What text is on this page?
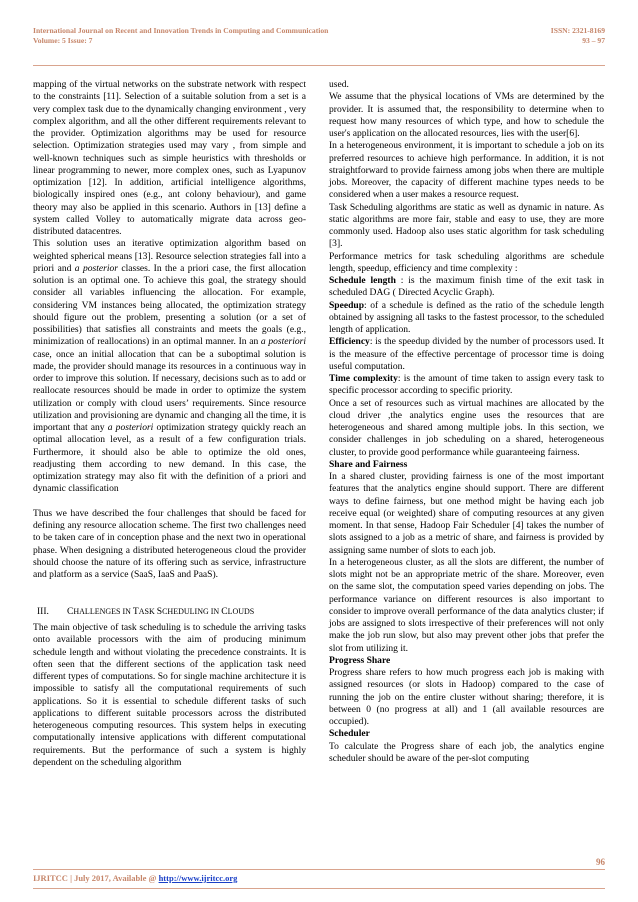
International Journal on Recent and Innovation Trends in Computing and Communication
Volume: 5 Issue: 7
ISSN: 2321-8169
93 – 97

mapping of the virtual networks on the substrate network with respect to the constraints [11]. Selection of a suitable solution from a set is a very complex task due to the dynamically changing environment , very complex algorithm, and all the other different requirements relevant to the provider. Optimization algorithms may be used for resource selection. Optimization strategies used may vary , from simple and well-known techniques such as simple heuristics with thresholds or linear programming to newer, more complex ones, such as Lyapunov optimization [12]. In addition, artificial intelligence algorithms, biologically inspired ones (e.g., ant colony behaviour), and game theory may also be applied in this scenario. Authors in [13] define a system called Volley to automatically migrate data across geo-distributed datacentres.

This solution uses an iterative optimization algorithm based on weighted spherical means [13]. Resource selection strategies fall into a priori and a posterior classes. In the a priori case, the first allocation solution is an optimal one. To achieve this goal, the strategy should consider all variables influencing the allocation. For example, considering VM instances being allocated, the optimization strategy should figure out the problem, presenting a solution (or a set of possibilities) that satisfies all constraints and meets the goals (e.g., minimization of reallocations) in an optimal manner. In an a posteriori case, once an initial allocation that can be a suboptimal solution is made, the provider should manage its resources in a continuous way in order to improve this solution. If necessary, decisions such as to add or reallocate resources should be made in order to optimize the system utilization or comply with cloud users’ requirements. Since resource utilization and provisioning are dynamic and changing all the time, it is important that any a posteriori optimization strategy quickly reach an optimal allocation level, as a result of a few configuration trials. Furthermore, it should also be able to optimize the old ones, readjusting them according to new demand. In this case, the optimization strategy may also fit with the definition of a priori and dynamic classification

Thus we have described the four challenges that should be faced for defining any resource allocation scheme. The first two challenges need to be taken care of in conception phase and the next two in operational phase. When designing a distributed heterogeneous cloud the provider should choose the nature of its offering such as service, infrastructure and platform as a service (SaaS, IaaS and PaaS).

III. CHALLENGES IN TASK SCHEDULING IN CLOUDS

The main objective of task scheduling is to schedule the arriving tasks onto available processors with the aim of producing minimum schedule length and without violating the precedence constraints. It is often seen that the different sections of the application task need different types of computations. So for single machine architecture it is impossible to satisfy all the computational requirements of such applications. So it is essential to schedule different tasks of such applications to different suitable processors across the distributed heterogeneous computing resources. This system helps in executing computationally intensive applications with different computational requirements. But the performance of such a system is highly dependent on the scheduling algorithm

used.

We assume that the physical locations of VMs are determined by the provider. It is assumed that, the responsibility to determine when to request how many resources of which type, and how to schedule the user's application on the allocated resources, lies with the user[6].

In a heterogeneous environment, it is important to schedule a job on its preferred resources to achieve high performance. In addition, it is not straightforward to provide fairness among jobs when there are multiple jobs. Moreover, the capacity of different machine types needs to be considered when a user makes a resource request.

Task Scheduling algorithms are static as well as dynamic in nature. As static algorithms are more fair, stable and easy to use, they are more commonly used. Hadoop also uses static algorithm for task scheduling [3].

Performance metrics for task scheduling algorithms are schedule length, speedup, efficiency and time complexity :

Schedule length : is the maximum finish time of the exit task in scheduled DAG ( Directed Acyclic Graph).

Speedup: of a schedule is defined as the ratio of the schedule length obtained by assigning all tasks to the fastest processor, to the scheduled length of application.

Efficiency: is the speedup divided by the number of processors used. It is the measure of the effective percentage of processor time is doing useful computation.

Time complexity: is the amount of time taken to assign every task to specific processor according to specific priority.

Once a set of resources such as virtual machines are allocated by the cloud driver ,the analytics engine uses the resources that are heterogeneous and shared among multiple jobs. In this section, we consider challenges in job scheduling on a shared, heterogeneous cluster, to provide good performance while guaranteeing fairness.

Share and Fairness

In a shared cluster, providing fairness is one of the most important features that the analytics engine should support. There are different ways to define fairness, but one method might be having each job receive equal (or weighted) share of computing resources at any given moment. In that sense, Hadoop Fair Scheduler [4] takes the number of slots assigned to a job as a metric of share, and fairness is provided by assigning same number of slots to each job.

In a heterogeneous cluster, as all the slots are different, the number of slots might not be an appropriate metric of the share. Moreover, even on the same slot, the computation speed varies depending on jobs. The performance variance on different resources is also important to consider to improve overall performance of the data analytics cluster; if jobs are assigned to slots irrespective of their preferences will not only make the job run slow, but also may prevent other jobs that prefer the slot from utilizing it.

Progress Share

Progress share refers to how much progress each job is making with assigned resources (or slots in Hadoop) compared to the case of running the job on the entire cluster without sharing; therefore, it is between 0 (no progress at all) and 1 (all available resources are occupied).

Scheduler

To calculate the Progress share of each job, the analytics engine scheduler should be aware of the per-slot computing

96
IJRITCC | July 2017, Available @ http://www.ijritcc.org
